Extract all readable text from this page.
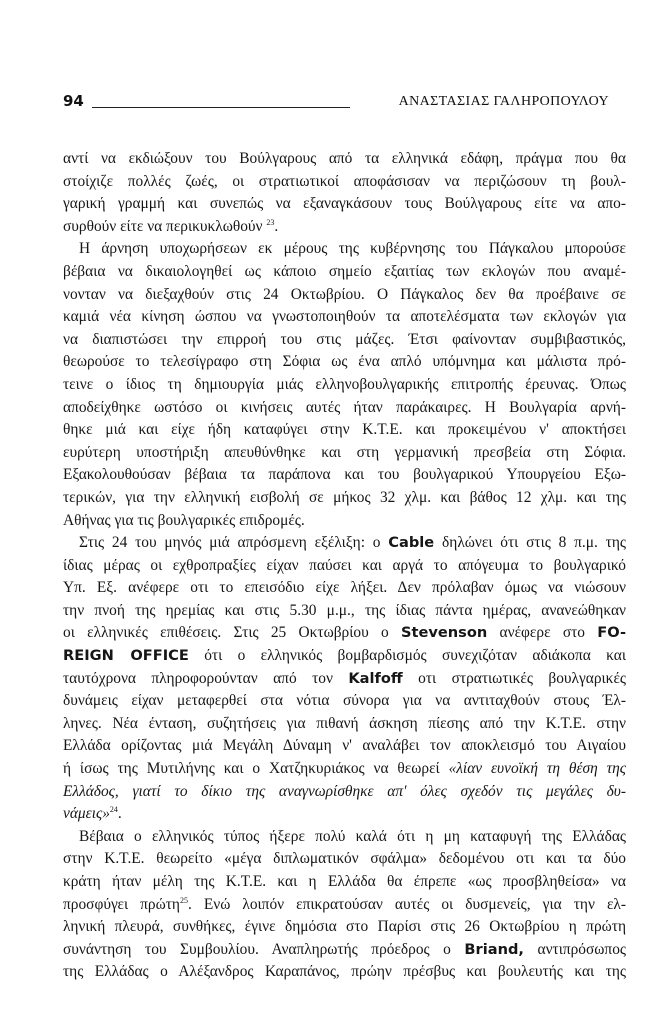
94	ΑΝΑΣΤΑΣΙΑΣ ΓΑΛΗΡΟΠΟΥΛΟΥ
αντί να εκδιώξουν του Βούλγαρους από τα ελληνικά εδάφη, πράγμα που θα
στοίχιζε πολλές ζωές, οι στρατιωτικοί αποφάσισαν να περιζώσουν τη βουλ-
γαρική γραμμή και συνεπώς να εξαναγκάσουν τους Βούλγαρους είτε να απο-
συρθούν είτε να περικυκλωθούν $^{23}$.
Η άρνηση υποχωρήσεων εκ μέρους της κυβέρνησης του Πάγκαλου μπορούσε
βέβαια να δικαιολογηθεί ως κάποιο σημείο εξαιτίας των εκλογών που αναμέ-
νονταν να διεξαχθούν στις 24 Οκτωβρίου. Ο Πάγκαλος δεν θα προέβαινε σε
καμιά νέα κίνηση ώσπου να γνωστοποιηθούν τα αποτελέσματα των εκλογών για
να διαπιστώσει την επιρροή του στις μάζες. Έτσι φαίνονταν συμβιβαστικός,
θεωρούσε το τελεσίγραφο στη Σόφια ως ένα απλό υπόμνημα και μάλιστα πρό-
τεινε ο ίδιος τη δημιουργία μιάς ελληνοβουλγαρικής επιτροπής έρευνας. Όπως
αποδείχθηκε ωστόσο οι κινήσεις αυτές ήταν παράκαιρες. Η Βουλγαρία αρνή-
θηκε μιά και είχε ήδη καταφύγει στην Κ.Τ.Ε. και προκειμένου ν' αποκτήσει
ευρύτερη υποστήριξη απευθύνθηκε και στη γερμανική πρεσβεία στη Σόφια.
Εξακολουθούσαν βέβαια τα παράπονα και του βουλγαρικού Υπουργείου Εξω-
τερικών, για την ελληνική εισβολή σε μήκος 32 χλμ. και βάθος 12 χλμ. και της
Αθήνας για τις βουλγαρικές επιδρομές.
Στις 24 του μηνός μιά απρόσμενη εξέλιξη: ο Cable δηλώνει ότι στις 8 π.μ. της
ίδιας μέρας οι εχθροπραξίες είχαν παύσει και αργά το απόγευμα το βουλγαρικό
Υπ. Εξ. ανέφερε οτι το επεισόδιο είχε λήξει. Δεν πρόλαβαν όμως να νιώσουν
την πνοή της ηρεμίας και στις 5.30 μ.μ., της ίδιας πάντα ημέρας, ανανεώθηκαν
οι ελληνικές επιθέσεις. Στις 25 Οκτωβρίου ο Stevenson ανέφερε στο FO-
REIGN OFFICE ότι ο ελληνικός βομβαρδισμός συνεχιζόταν αδιάκοπα και
ταυτόχρονα πληροφορούνταν από τον Kalfoff οτι στρατιωτικές βουλγαρικές
δυνάμεις είχαν μεταφερθεί στα νότια σύνορα για να αντιταχθούν στους Έλ-
ληνες. Νέα ένταση, συζητήσεις για πιθανή άσκηση πίεσης από την Κ.Τ.Ε. στην
Ελλάδα ορίζοντας μιά Μεγάλη Δύναμη ν' αναλάβει τον αποκλεισμό του Αιγαίου
ή ίσως της Μυτιλήνης και ο Χατζηκυριάκος να θεωρεί «λίαν ευνοϊκή τη θέση της
Ελλάδος, γιατί το δίκιο της αναγνωρίσθηκε απ' όλες σχεδόν τις μεγάλες δυ-
νάμεις»$^{24}$.
Βέβαια ο ελληνικός τύπος ήξερε πολύ καλά ότι η μη καταφυγή της Ελλάδας
στην Κ.Τ.Ε. θεωρείτο «μέγα διπλωματικόν σφάλμα» δεδομένου οτι και τα δύο
κράτη ήταν μέλη της Κ.Τ.Ε. και η Ελλάδα θα έπρεπε «ως προσβληθείσα» να
προσφύγει πρώτη$^{25}$. Ενώ λοιπόν επικρατούσαν αυτές οι δυσμενείς, για την ελ-
ληνική πλευρά, συνθήκες, έγινε δημόσια στο Παρίσι στις 26 Οκτωβρίου η πρώτη
συνάντηση του Συμβουλίου. Αναπληρωτής πρόεδρος ο Briand, αντιπρόσωπος
της Ελλάδας ο Αλέξανδρος Καραπάνος, πρώην πρέσβυς και βουλευτής και της
